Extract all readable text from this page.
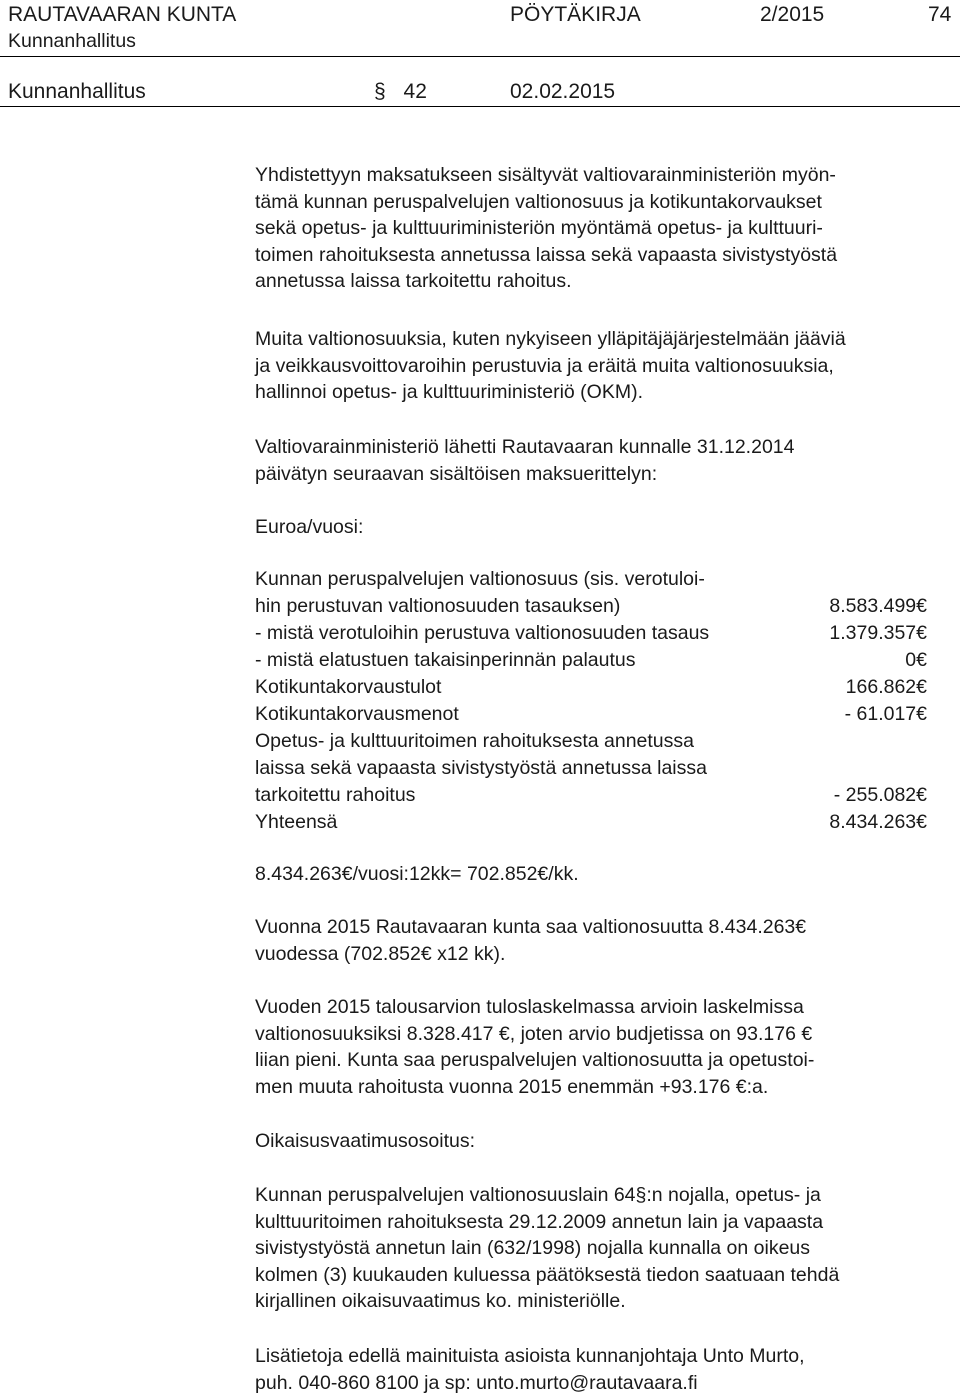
RAUTAVAARAN KUNTA	PÖYTÄKIRJA	2/2015	74
Kunnanhallitus
Kunnanhallitus	§ 42	02.02.2015
Yhdistettyyn maksatukseen sisältyvät valtiovarainministeriön myön-
tämä kunnan peruspalvelujen valtionosuus ja kotikuntakorvaukset
sekä opetus- ja kulttuuriministeriön myöntämä opetus- ja kulttuuri-
toimen rahoituksesta annetussa laissa sekä vapaasta sivistystyöstä
annetussa laissa tarkoitettu rahoitus.
Muita valtionosuuksia, kuten nykyiseen ylläpitäjäjärjestelmään jääviä
ja veikkausvoittovaroihin perustuvia ja eräitä muita valtionosuuksia,
hallinnoi opetus- ja kulttuuriministeriö (OKM).
Valtiovarainministeriö lähetti Rautavaaran kunnalle 31.12.2014
päivätyn seuraavan sisältöisen maksuerittelyn:
Euroa/vuosi:
Kunnan peruspalvelujen valtionosuus (sis. verotuloi-
hin perustuvan valtionosuuden tasauksen)	8.583.499€
- mistä verotuloihin perustuva valtionosuuden tasaus	1.379.357€
- mistä elatustuen takaisinperinnän palautus	0€
Kotikuntakorvaustulot	166.862€
Kotikuntakorvausmenot	- 61.017€
Opetus- ja kulttuuritoimen rahoituksesta annetussa
laissa sekä vapaasta sivistystyöstä annetussa laissa
tarkoitettu rahoitus	- 255.082€
Yhteensä	8.434.263€
8.434.263€/vuosi:12kk= 702.852€/kk.
Vuonna 2015 Rautavaaran kunta saa valtionosuutta 8.434.263€
vuodessa (702.852€ x12 kk).
Vuoden 2015 talousarvion tuloslaskelmassa arvioin laskelmissa
valtionosuuksiksi 8.328.417 €, joten arvio budjetissa on 93.176 €
liian pieni. Kunta saa peruspalvelujen valtionosuutta ja opetustoi-
men muuta rahoitusta vuonna 2015 enemmän +93.176 €:a.
Oikaisusvaatimusosoitus:
Kunnan peruspalvelujen valtionosuuslain 64§:n nojalla, opetus- ja
kulttuuritoimen rahoituksesta 29.12.2009 annetun lain ja vapaasta
sivistystyöstä annetun lain (632/1998) nojalla kunnalla on oikeus
kolmen (3) kuukauden kuluessa päätöksestä tiedon saatuaan tehdä
kirjallinen oikaisuvaatimus ko. ministeriölle.
Lisätietoja edellä mainituista asioista kunnanjohtaja Unto Murto,
puh. 040-860 8100 ja sp: unto.murto@rautavaara.fi
